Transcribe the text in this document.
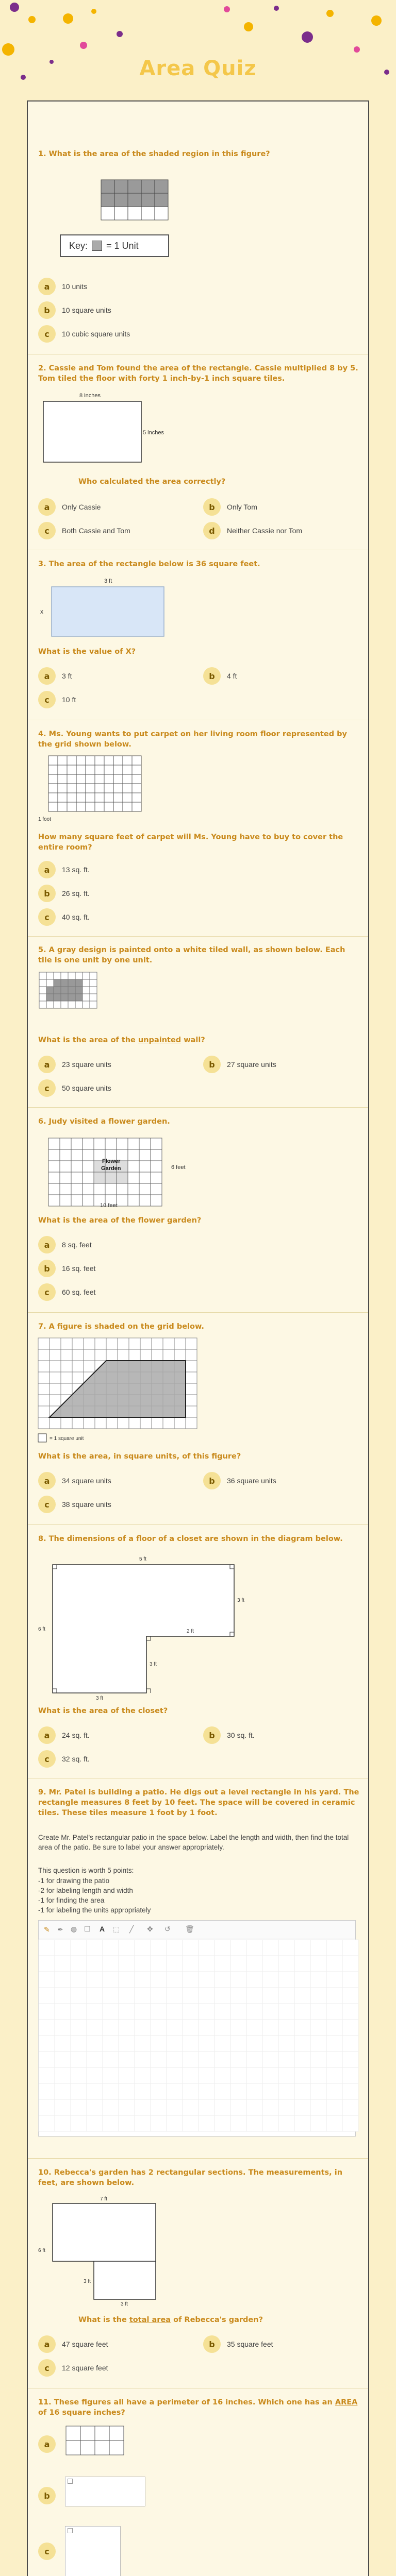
Area Quiz
1. What is the area of the shaded region in this figure?
Key: = 1 Unit
a	10 units
b	10 square units
c	10 cubic square units
2. Cassie and Tom found the area of the rectangle. Cassie multiplied 8 by 5. Tom tiled the floor with forty 1 inch-by-1 inch square tiles.
8 inches
5 inches
Who calculated the area correctly?
a	Only Cassie	b	Only Tom
c	Both Cassie and Tom	d	Neither Cassie nor Tom
3. The area of the rectangle below is 36 square feet.
3 ft
x
What is the value of X?
a	3 ft	b	4 ft
c	10 ft
4. Ms. Young wants to put carpet on her living room floor represented by the grid shown below.
1 foot
How many square feet of carpet will Ms. Young have to buy to cover the entire room?
a	13 sq. ft.
b	26 sq. ft.
c	40 sq. ft.
5. A gray design is painted onto a white tiled wall, as shown below. Each tile is one unit by one unit.
What is the area of the unpainted wall?
a	23 square units	b	27 square units
c	50 square units
6. Judy visited a flower garden.
Flower
Garden	6 feet
10 feet
What is the area of the flower garden?
a	8 sq. feet
b	16 sq. feet
c	60 sq. feet
7. A figure is shaded on the grid below.
= 1 square unit
What is the area, in square units, of this figure?
a	34 square units	b	36 square units
c	38 square units
8. The dimensions of a floor of a closet are shown in the diagram below.
5 ft
6 ft
3 ft
2 ft
3 ft
3 ft
What is the area of the closet?
a	24 sq. ft.	b	30 sq. ft.
c	32 sq. ft.
9. Mr. Patel is building a patio. He digs out a level rectangle in his yard. The rectangle measures 8 feet by 10 feet. The space will be covered in ceramic tiles. These tiles measure 1 foot by 1 foot.
Create Mr. Patel's rectangular patio in the space below. Label the length and width, then find the total area of the patio. Be sure to label your answer appropriately.
This question is worth 5 points:
-1 for drawing the patio
-2 for labeling length and width
-1 for finding the area
-1 for labeling the units appropriately
✎ ✒ ◍ ☐ A ⬚ ╱ ✥ ↺ 🗑
10. Rebecca's garden has 2 rectangular sections. The measurements, in feet, are shown below.
7 ft
6 ft
3 ft
3 ft
What is the total area of Rebecca's garden?
a	47 square feet	b	35 square feet
c	12 square feet
11. These figures all have a perimeter of 16 inches. Which one has an AREA of 16 square inches?
a
b
c
